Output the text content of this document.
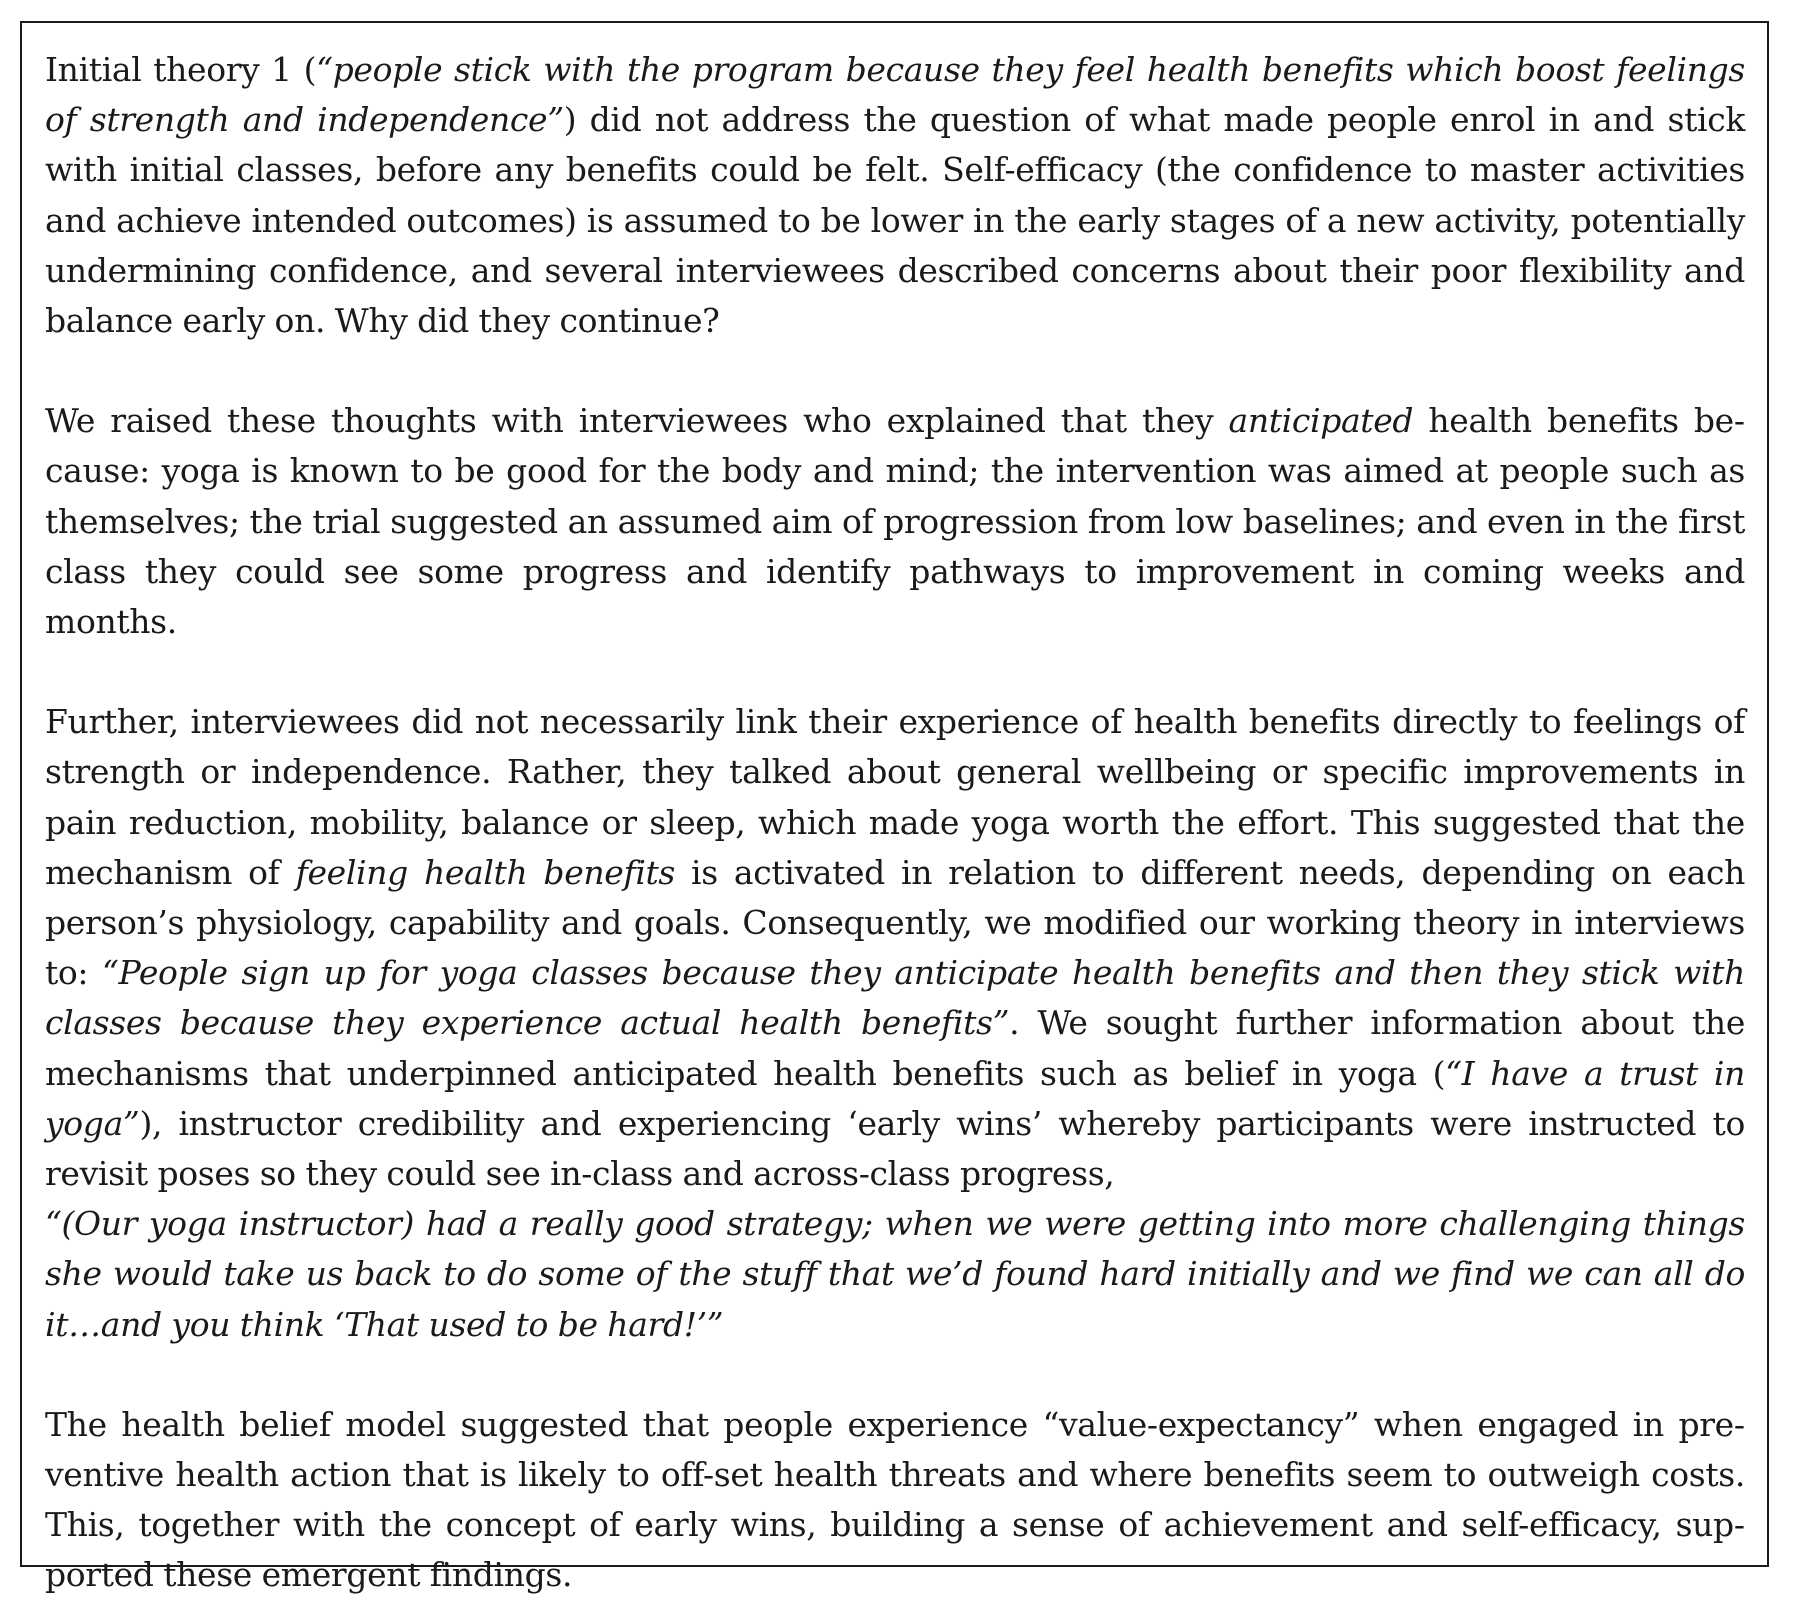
Initial theory 1 (“people stick with the program because they feel health benefits which boost feelings of strength and independence”) did not address the question of what made people enrol in and stick with initial classes, before any benefits could be felt. Self-efficacy (the confidence to master activities and achieve intended outcomes) is assumed to be lower in the early stages of a new activity, potentially undermining confidence, and several interviewees described concerns about their poor flexibility and balance early on. Why did they continue?

We raised these thoughts with interviewees who explained that they anticipated health benefits because: yoga is known to be good for the body and mind; the intervention was aimed at people such as themselves; the trial suggested an assumed aim of progression from low baselines; and even in the first class they could see some progress and identify pathways to improvement in coming weeks and months.

Further, interviewees did not necessarily link their experience of health benefits directly to feelings of strength or independence. Rather, they talked about general wellbeing or specific improvements in pain reduction, mobility, balance or sleep, which made yoga worth the effort. This suggested that the mechanism of feeling health benefits is activated in relation to different needs, depending on each person’s physiology, capability and goals. Consequently, we modified our working theory in interviews to: “People sign up for yoga classes because they anticipate health benefits and then they stick with classes because they experience actual health benefits”. We sought further information about the mechanisms that underpinned anticipated health benefits such as belief in yoga (“I have a trust in yoga”), instructor credibility and experiencing ‘early wins’ whereby participants were instructed to revisit poses so they could see in-class and across-class progress,
“(Our yoga instructor) had a really good strategy; when we were getting into more challenging things she would take us back to do some of the stuff that we’d found hard initially and we find we can all do it…and you think ‘That used to be hard!’”

The health belief model suggested that people experience “value-expectancy” when engaged in preventive health action that is likely to off-set health threats and where benefits seem to outweigh costs. This, together with the concept of early wins, building a sense of achievement and self-efficacy, supported these emergent findings.
